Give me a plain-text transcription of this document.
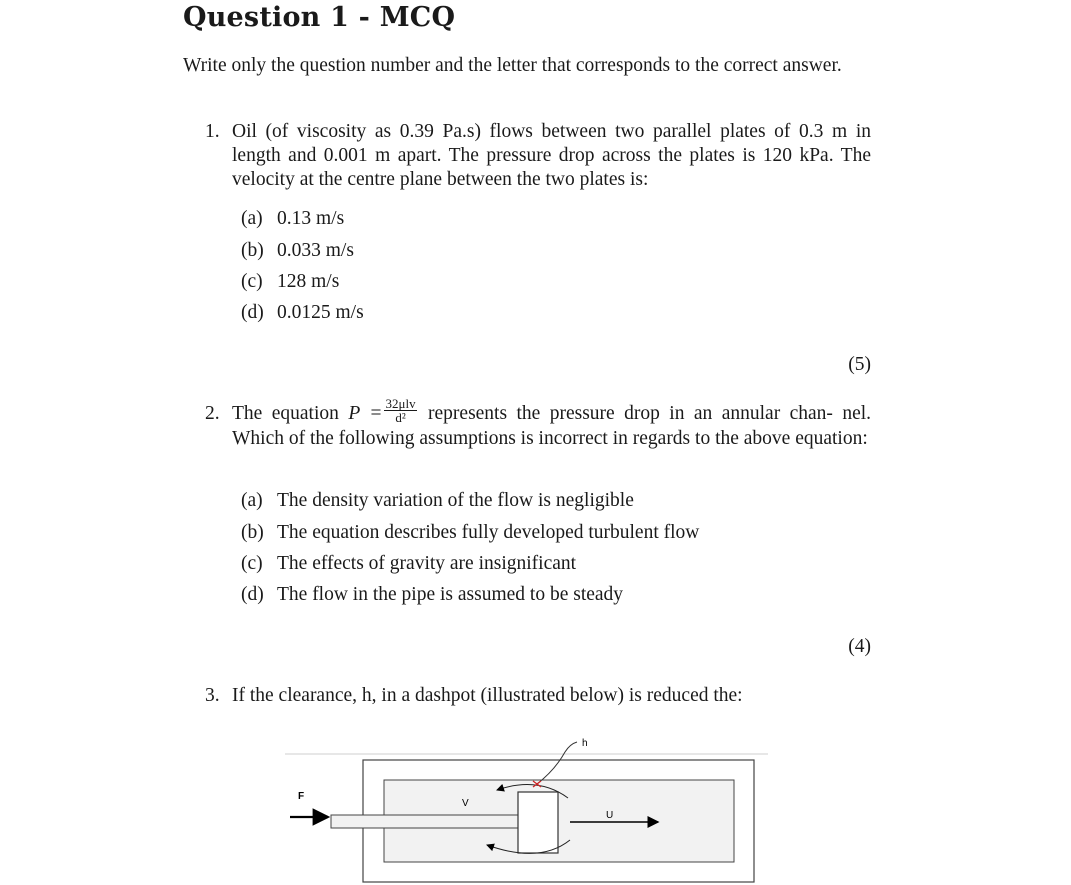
Question 1 - MCQ
Write only the question number and the letter that corresponds to the correct answer.
1. Oil (of viscosity as 0.39 Pa.s) flows between two parallel plates of 0.3 m in length and 0.001 m apart. The pressure drop across the plates is 120 kPa. The velocity at the centre plane between the two plates is:
(a) 0.13 m/s
(b) 0.033 m/s
(c) 128 m/s
(d) 0.0125 m/s
(5)
2. The equation $P = \frac{\text{32μlv}}{\text{d²}}$ represents the pressure drop in an annular chan- nel. Which of the following assumptions is incorrect in regards to the above equation:
(a) The density variation of the flow is negligible
(b) The equation describes fully developed turbulent flow
(c) The effects of gravity are insignificant
(d) The flow in the pipe is assumed to be steady
(4)
3. If the clearance, h, in a dashpot (illustrated below) is reduced the:
F
V
U
h
